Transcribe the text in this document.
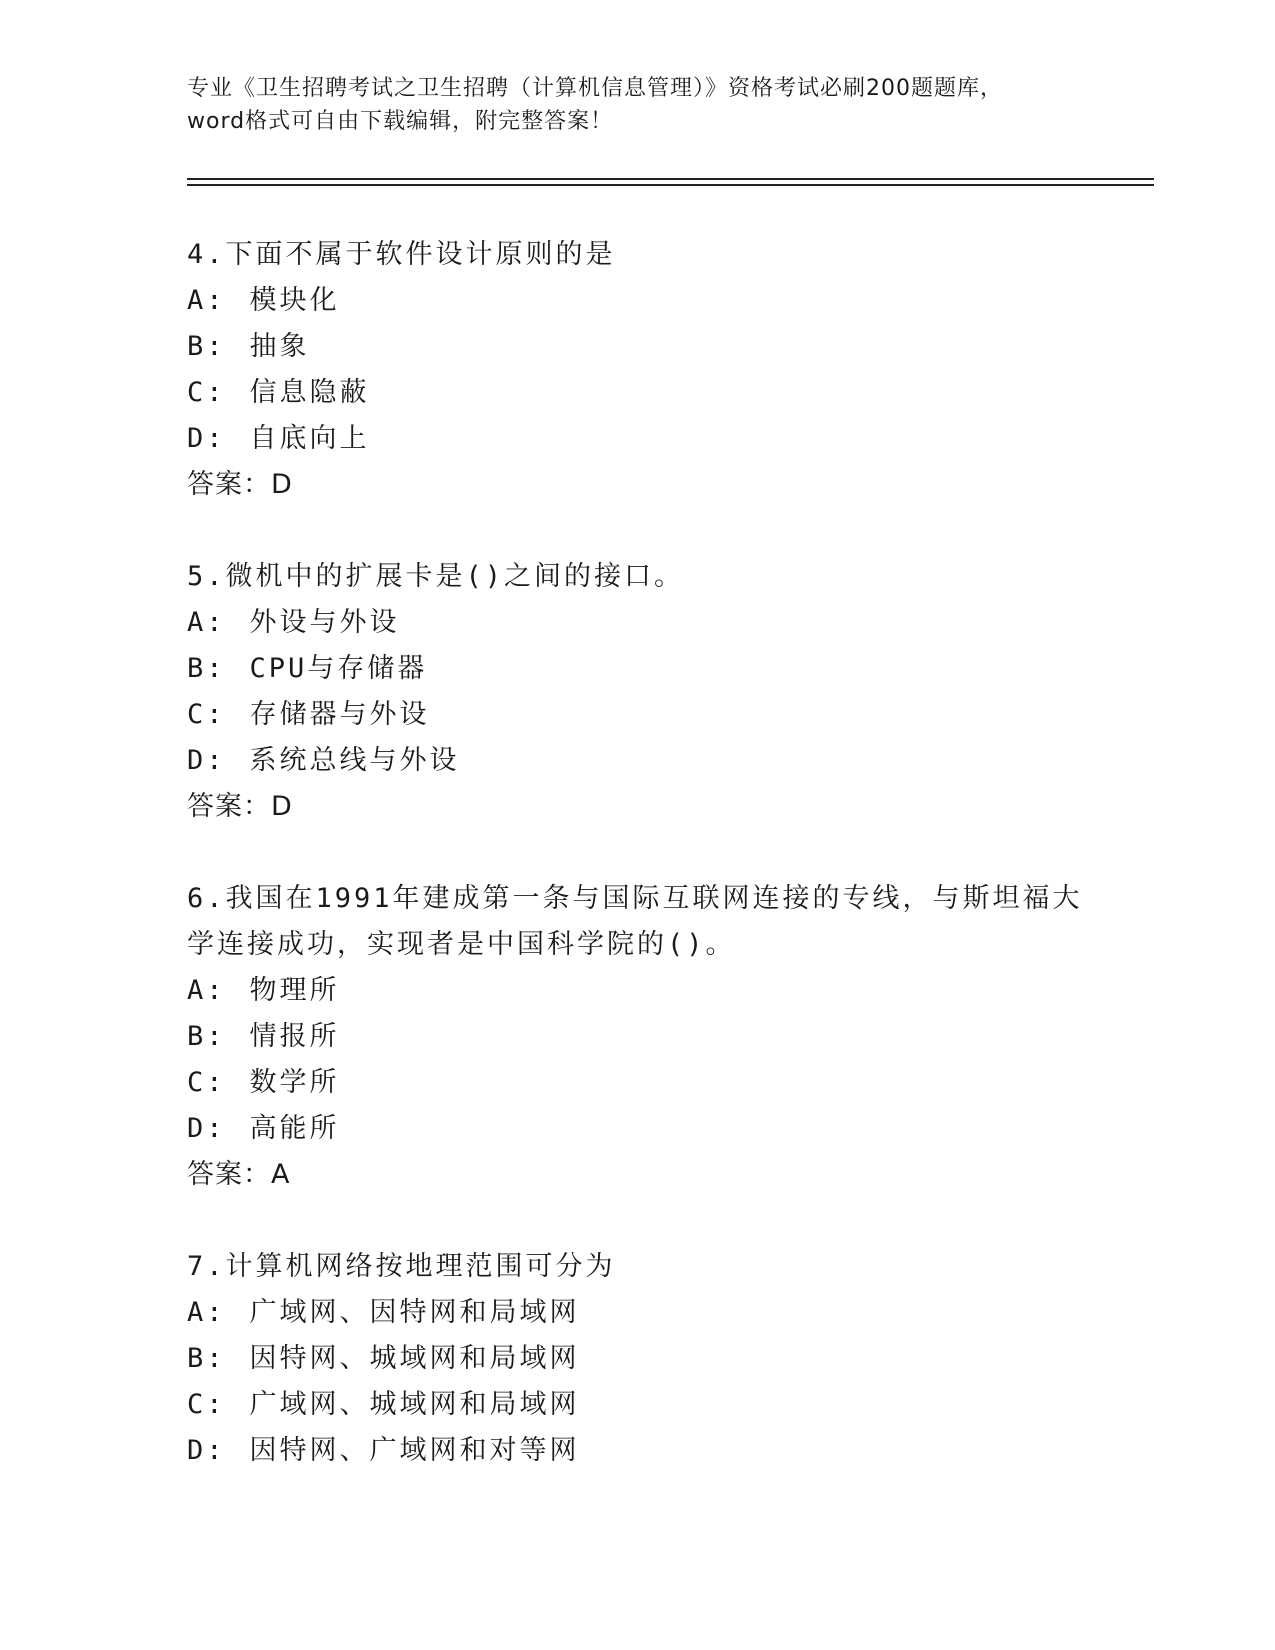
专业《卫生招聘考试之卫生招聘（计算机信息管理）》资格考试必刷200题题库，
word格式可自由下载编辑，附完整答案！
4.下面不属于软件设计原则的是
A: 模块化
B: 抽象
C: 信息隐蔽
D: 自底向上
答案：D
5.微机中的扩展卡是()之间的接口。
A: 外设与外设
B: CPU与存储器
C: 存储器与外设
D: 系统总线与外设
答案：D
6.我国在1991年建成第一条与国际互联网连接的专线，与斯坦福大学连接成功，实现者是中国科学院的()。
A: 物理所
B: 情报所
C: 数学所
D: 高能所
答案：A
7.计算机网络按地理范围可分为
A: 广域网、因特网和局域网
B: 因特网、城域网和局域网
C: 广域网、城域网和局域网
D: 因特网、广域网和对等网
